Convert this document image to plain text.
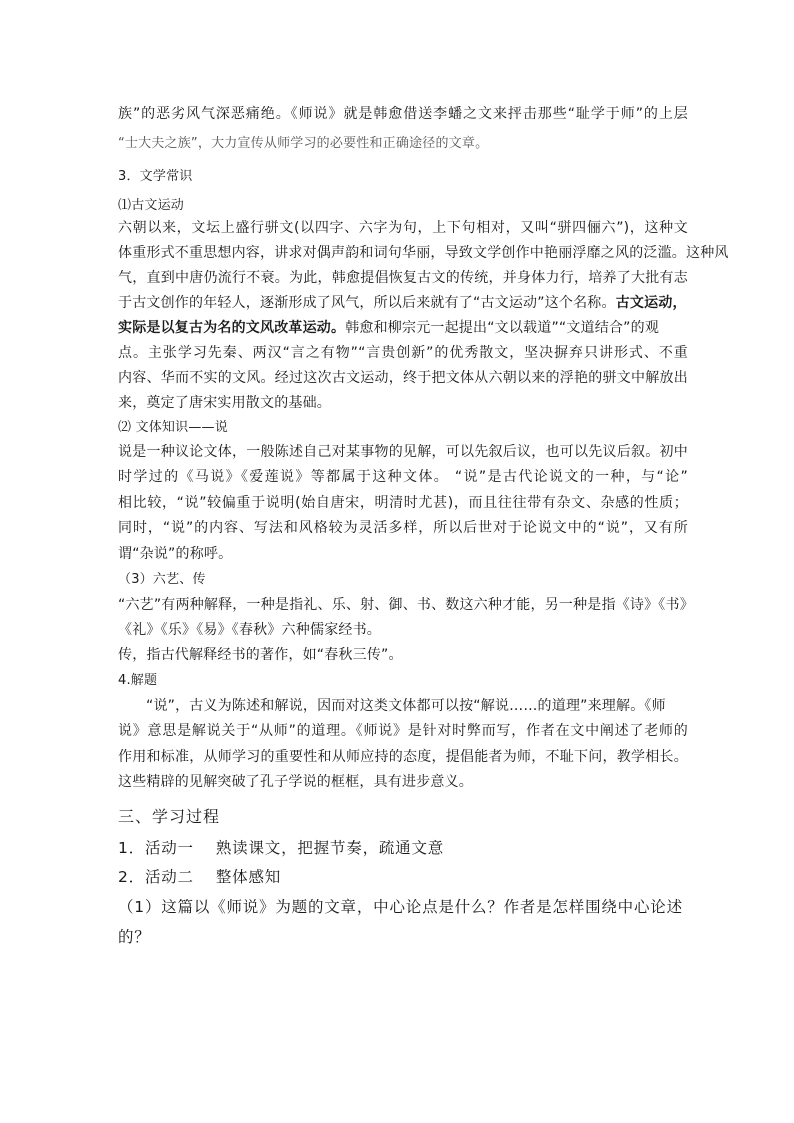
族”的恶劣风气深恶痛绝。《师说》就是韩愈借送李蟠之文来抨击那些“耻学于师”的上层
“士大夫之族”，大力宣传从师学习的必要性和正确途径的文章。
3．文学常识
⑴古文运动
六朝以来，文坛上盛行骈文(以四字、六字为句，上下句相对，又叫“骈四俪六”)，这种文
体重形式不重思想内容，讲求对偶声韵和词句华丽，导致文学创作中艳丽浮靡之风的泛滥。这种风
气，直到中唐仍流行不衰。为此，韩愈提倡恢复古文的传统，并身体力行，培养了大批有志
于古文创作的年轻人，逐渐形成了风气，所以后来就有了“古文运动”这个名称。古文运动，
实际是以复古为名的文风改革运动。韩愈和柳宗元一起提出“文以载道”“文道结合”的观
点。主张学习先秦、两汉“言之有物”“言贵创新”的优秀散文，坚决摒弃只讲形式、不重
内容、华而不实的文风。经过这次古文运动，终于把文体从六朝以来的浮艳的骈文中解放出
来，奠定了唐宋实用散文的基础。
⑵ 文体知识——说
说是一种议论文体，一般陈述自己对某事物的见解，可以先叙后议，也可以先议后叙。初中
时学过的《马说》《爱莲说》等都属于这种文体。 “说”是古代论说文的一种，与“论”
相比较，“说”较偏重于说明(始自唐宋，明清时尤甚)，而且往往带有杂文、杂感的性质；
同时，“说”的内容、写法和风格较为灵活多样，所以后世对于论说文中的“说”，又有所
谓“杂说”的称呼。
（3）六艺、传
“六艺”有两种解释，一种是指礼、乐、射、御、书、数这六种才能，另一种是指《诗》《书》
《礼》《乐》《易》《春秋》六种儒家经书。
传，指古代解释经书的著作，如“春秋三传”。
4.解题
“说”，古义为陈述和解说，因而对这类文体都可以按“解说……的道理”来理解。《师
说》意思是解说关于“从师”的道理。《师说》是针对时弊而写，作者在文中阐述了老师的
作用和标准，从师学习的重要性和从师应持的态度，提倡能者为师，不耻下问，教学相长。
这些精辟的见解突破了孔子学说的框框，具有进步意义。
三、学习过程
1．活动一 熟读课文，把握节奏，疏通文意
2．活动二 整体感知
（1）这篇以《师说》为题的文章，中心论点是什么？作者是怎样围绕中心论述
的？
